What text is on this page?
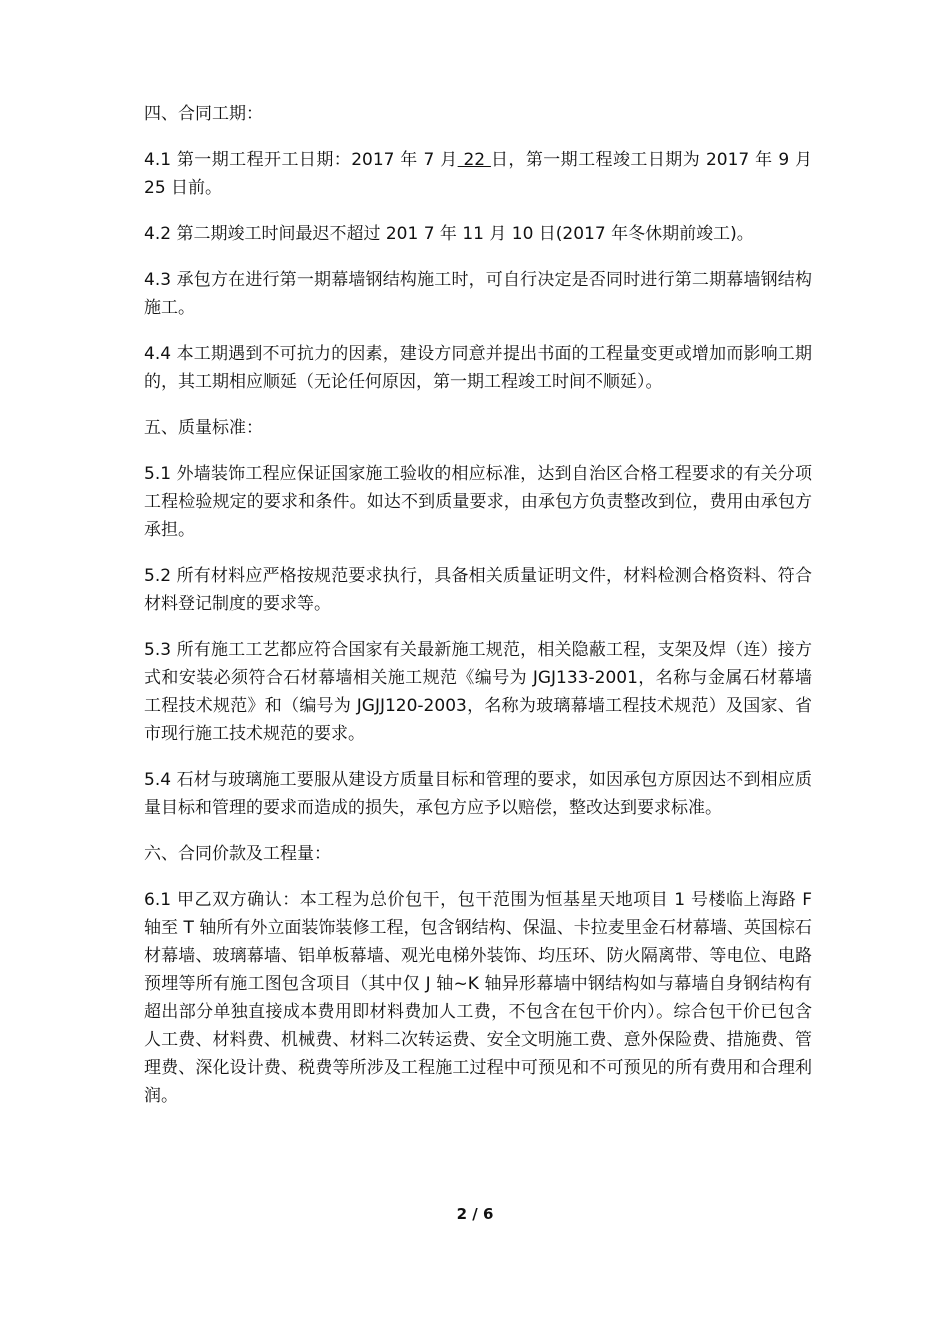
四、合同工期：

4.1 第一期工程开工日期：2017 年 7 月 22 日，第一期工程竣工日期为 2017 年 9 月 25 日前。

4.2 第二期竣工时间最迟不超过 201 7 年 11 月 10 日(2017 年冬休期前竣工)。

4.3 承包方在进行第一期幕墙钢结构施工时，可自行决定是否同时进行第二期幕墙钢结构施工。

4.4 本工期遇到不可抗力的因素，建设方同意并提出书面的工程量变更或增加而影响工期的，其工期相应顺延（无论任何原因，第一期工程竣工时间不顺延）。

五、质量标准：

5.1 外墙装饰工程应保证国家施工验收的相应标准，达到自治区合格工程要求的有关分项工程检验规定的要求和条件。如达不到质量要求，由承包方负责整改到位，费用由承包方承担。

5.2 所有材料应严格按规范要求执行，具备相关质量证明文件，材料检测合格资料、符合材料登记制度的要求等。

5.3 所有施工工艺都应符合国家有关最新施工规范，相关隐蔽工程，支架及焊（连）接方式和安装必须符合石材幕墙相关施工规范《编号为 JGJ133-2001，名称与金属石材幕墙工程技术规范》和（编号为 JGJJ120-2003，名称为玻璃幕墙工程技术规范）及国家、省市现行施工技术规范的要求。

5.4 石材与玻璃施工要服从建设方质量目标和管理的要求，如因承包方原因达不到相应质量目标和管理的要求而造成的损失，承包方应予以赔偿，整改达到要求标准。

六、合同价款及工程量：

6.1 甲乙双方确认：本工程为总价包干，包干范围为恒基星天地项目 1 号楼临上海路 F 轴至 T 轴所有外立面装饰装修工程，包含钢结构、保温、卡拉麦里金石材幕墙、英国棕石材幕墙、玻璃幕墙、铝单板幕墙、观光电梯外装饰、均压环、防火隔离带、等电位、电路预埋等所有施工图包含项目（其中仅 J 轴~K 轴异形幕墙中钢结构如与幕墙自身钢结构有超出部分单独直接成本费用即材料费加人工费，不包含在包干价内）。综合包干价已包含人工费、材料费、机械费、材料二次转运费、安全文明施工费、意外保险费、措施费、管理费、深化设计费、税费等所涉及工程施工过程中可预见和不可预见的所有费用和合理利润。

2 / 6
